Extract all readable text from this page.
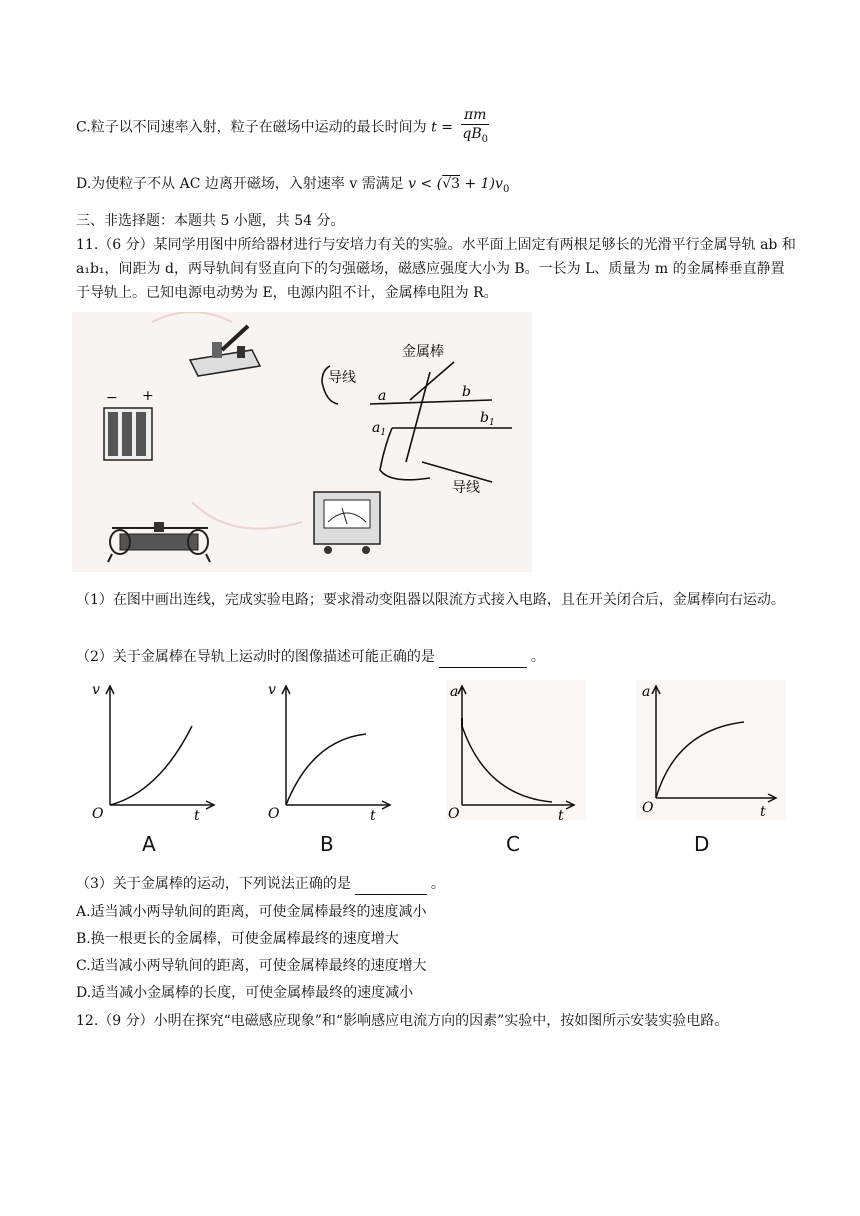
C.粒子以不同速率入射，粒子在磁场中运动的最长时间为 $t = \frac{\pi m}{qB_0}$
D.为使粒子不从 AC 边离开磁场，入射速率 v 需满足 $v < (√3 + 1)v_0$
三、非选择题：本题共 5 小题，共 54 分。
11.（6 分）某同学用图中所给器材进行与安培力有关的实验。水平面上固定有两根足够长的光滑平行金属导轨 ab 和 a₁b₁，间距为 d，两导轨间有竖直向下的匀强磁场，磁感应强度大小为 B。一长为 L、质量为 m 的金属棒垂直静置于导轨上。已知电源电动势为 E，电源内阻不计，金属棒电阻为 R。
− +
金属棒
导线
导线
a	b
$a_1$
$b_1$
（1）在图中画出连线，完成实验电路；要求滑动变阻器以限流方式接入电路，且在开关闭合后，金属棒向右运动。
（2）关于金属棒在导轨上运动时的图像描述可能正确的是	。
v
t
O
A
v
t
O
B
a
t
O
C
a
t
O
D
（3）关于金属棒的运动，下列说法正确的是	。
A.适当减小两导轨间的距离，可使金属棒最终的速度减小
B.换一根更长的金属棒，可使金属棒最终的速度增大
C.适当减小两导轨间的距离，可使金属棒最终的速度增大
D.适当减小金属棒的长度，可使金属棒最终的速度减小
12.（9 分）小明在探究“电磁感应现象”和“影响感应电流方向的因素”实验中，按如图所示安装实验电路。
